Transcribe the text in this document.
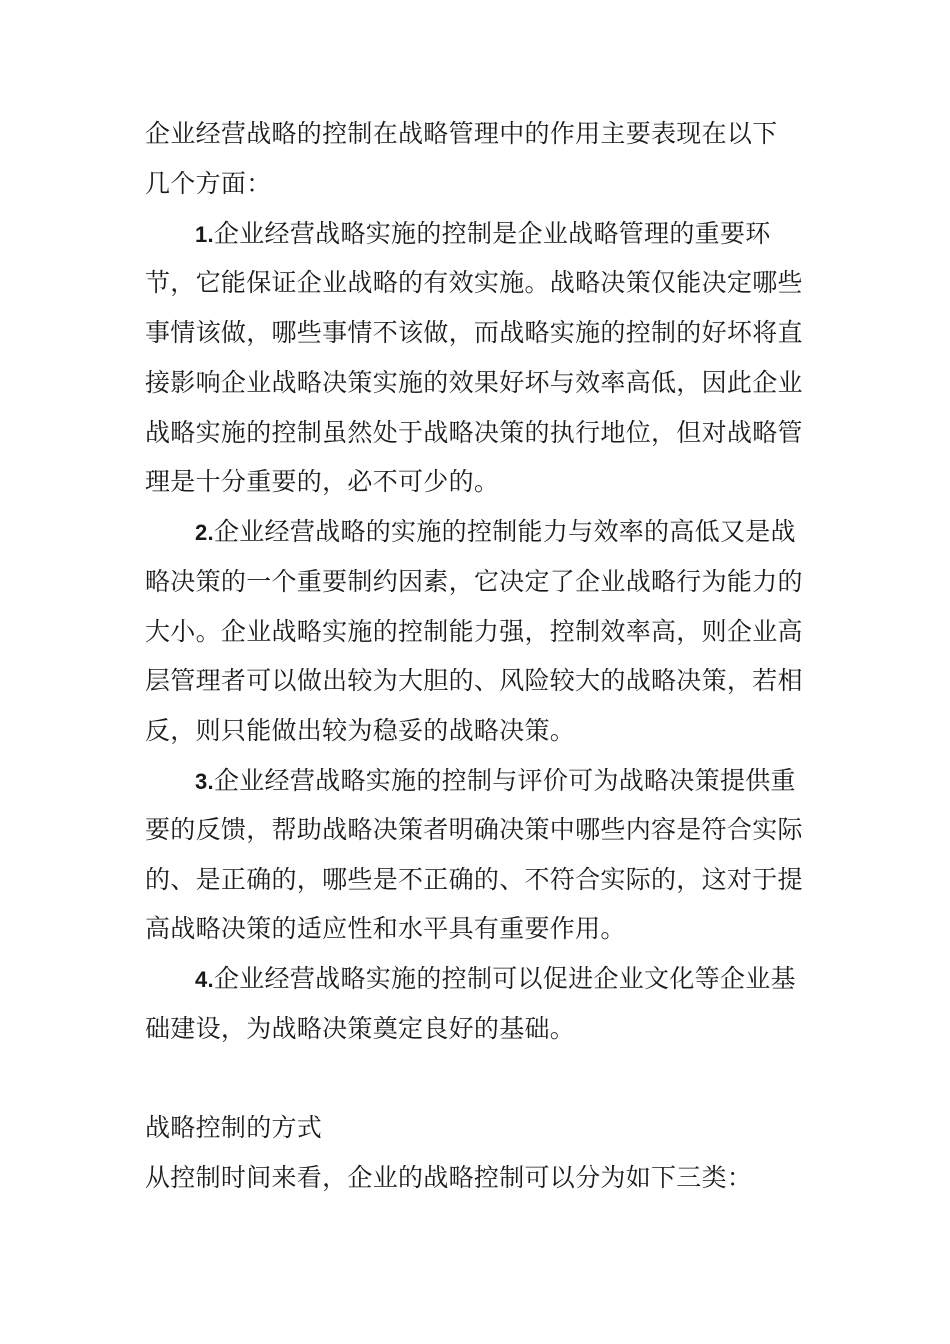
企业经营战略的控制在战略管理中的作用主要表现在以下
几个方面：
1.企业经营战略实施的控制是企业战略管理的重要环
节，它能保证企业战略的有效实施。战略决策仅能决定哪些
事情该做，哪些事情不该做，而战略实施的控制的好坏将直
接影响企业战略决策实施的效果好坏与效率高低，因此企业
战略实施的控制虽然处于战略决策的执行地位，但对战略管
理是十分重要的，必不可少的。
2.企业经营战略的实施的控制能力与效率的高低又是战
略决策的一个重要制约因素，它决定了企业战略行为能力的
大小。企业战略实施的控制能力强，控制效率高，则企业高
层管理者可以做出较为大胆的、风险较大的战略决策，若相
反，则只能做出较为稳妥的战略决策。
3.企业经营战略实施的控制与评价可为战略决策提供重
要的反馈，帮助战略决策者明确决策中哪些内容是符合实际
的、是正确的，哪些是不正确的、不符合实际的，这对于提
高战略决策的适应性和水平具有重要作用。
4.企业经营战略实施的控制可以促进企业文化等企业基
础建设，为战略决策奠定良好的基础。
战略控制的方式
从控制时间来看，企业的战略控制可以分为如下三类：
